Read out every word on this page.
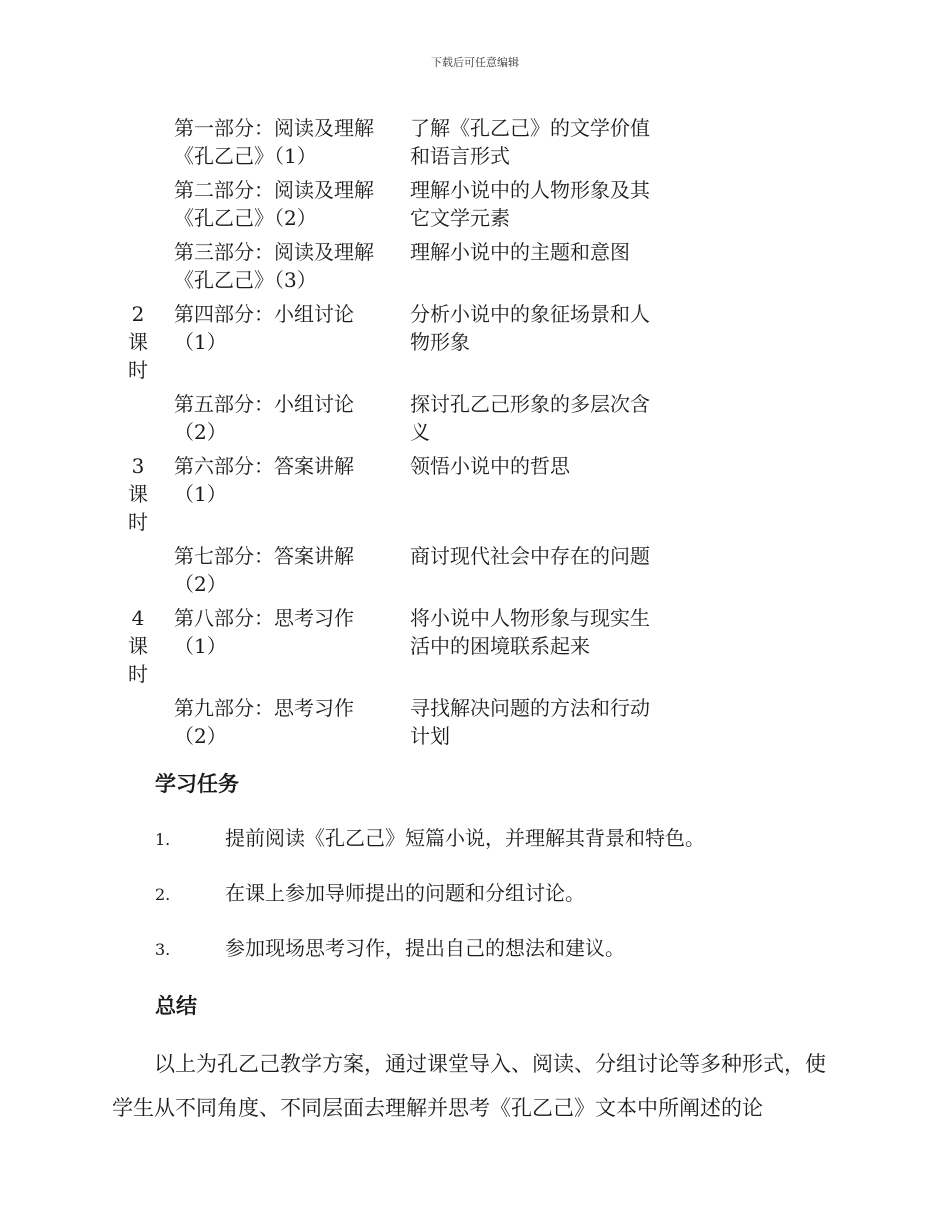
下载后可任意编辑

	第一部分：阅读及理解《孔乙己》（1）	了解《孔乙己》的文学价值和语言形式

	第二部分：阅读及理解《孔乙己》（2）	理解小说中的人物形象及其它文学元素

	第三部分：阅读及理解《孔乙己》（3）	理解小说中的主题和意图

2课时	第四部分：小组讨论（1）	分析小说中的象征场景和人物形象

	第五部分：小组讨论（2）	探讨孔乙己形象的多层次含义

3课时	第六部分：答案讲解（1）	领悟小说中的哲思

	第七部分：答案讲解（2）	商讨现代社会中存在的问题

4课时	第八部分：思考习作（1）	将小说中人物形象与现实生活中的困境联系起来

	第九部分：思考习作（2）	寻找解决问题的方法和行动计划
学习任务
1.	提前阅读《孔乙己》短篇小说，并理解其背景和特色。
2.	在课上参加导师提出的问题和分组讨论。
3.	参加现场思考习作，提出自己的想法和建议。
总结

以上为孔乙己教学方案，通过课堂导入、阅读、分组讨论等多种形式，使学生从不同角度、不同层面去理解并思考《孔乙己》文本中所阐述的论
